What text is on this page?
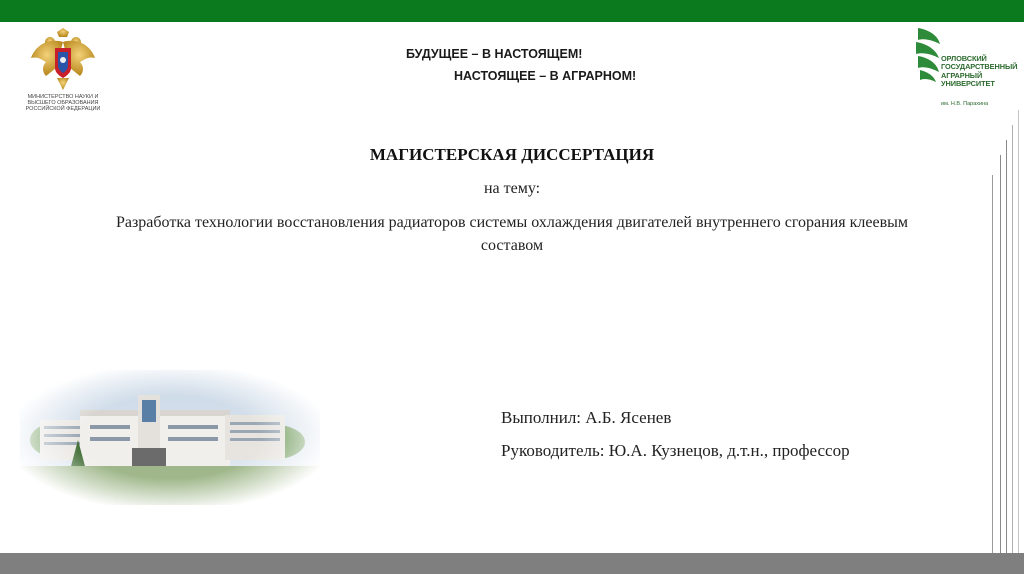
МИНИСТЕРСТВО НАУКИ И ВЫСШЕГО ОБРАЗОВАНИЯ РОССИЙСКОЙ ФЕДЕРАЦИИ
БУДУЩЕЕ – В НАСТОЯЩЕМ!
НАСТОЯЩЕЕ – В АГРАРНОМ!
ОРЛОВСКИЙ
ГОСУДАРСТВЕННЫЙ
АГРАРНЫЙ
УНИВЕРСИТЕТ
им. Н.В. Парахина
МАГИСТЕРСКАЯ ДИССЕРТАЦИЯ
на тему:
Разработка технологии восстановления радиаторов системы охлаждения двигателей внутреннего сгорания клеевым составом
Выполнил: А.Б. Ясенев
Руководитель: Ю.А. Кузнецов, д.т.н., профессор
